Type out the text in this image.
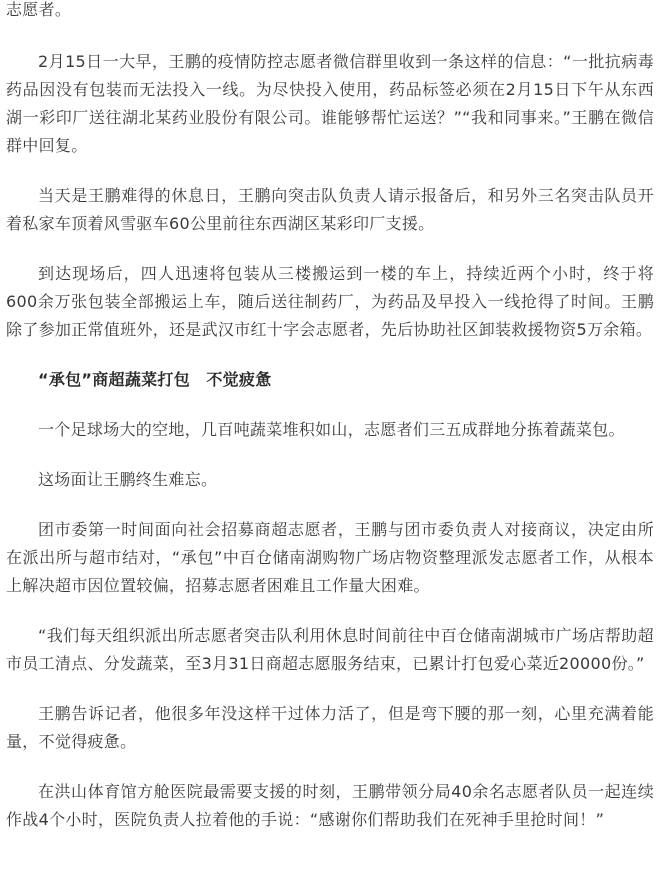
志愿者。

2月15日一大早，王鹏的疫情防控志愿者微信群里收到一条这样的信息：“一批抗病毒药品因没有包装而无法投入一线。为尽快投入使用，药品标签必须在2月15日下午从东西湖一彩印厂送往湖北某药业股份有限公司。谁能够帮忙运送？”“我和同事来。”王鹏在微信群中回复。

当天是王鹏难得的休息日，王鹏向突击队负责人请示报备后，和另外三名突击队员开着私家车顶着风雪驱车60公里前往东西湖区某彩印厂支援。

到达现场后，四人迅速将包装从三楼搬运到一楼的车上，持续近两个小时，终于将600余万张包装全部搬运上车，随后送往制药厂，为药品及早投入一线抢得了时间。王鹏除了参加正常值班外，还是武汉市红十字会志愿者，先后协助社区卸装救援物资5万余箱。

“承包”商超蔬菜打包　不觉疲惫

一个足球场大的空地，几百吨蔬菜堆积如山，志愿者们三五成群地分拣着蔬菜包。

这场面让王鹏终生难忘。

团市委第一时间面向社会招募商超志愿者，王鹏与团市委负责人对接商议，决定由所在派出所与超市结对，“承包”中百仓储南湖购物广场店物资整理派发志愿者工作，从根本上解决超市因位置较偏，招募志愿者困难且工作量大困难。

“我们每天组织派出所志愿者突击队利用休息时间前往中百仓储南湖城市广场店帮助超市员工清点、分发蔬菜，至3月31日商超志愿服务结束，已累计打包爱心菜近20000份。”

王鹏告诉记者，他很多年没这样干过体力活了，但是弯下腰的那一刻，心里充满着能量，不觉得疲惫。

在洪山体育馆方舱医院最需要支援的时刻，王鹏带领分局40余名志愿者队员一起连续作战4个小时，医院负责人拉着他的手说：“感谢你们帮助我们在死神手里抢时间！”
